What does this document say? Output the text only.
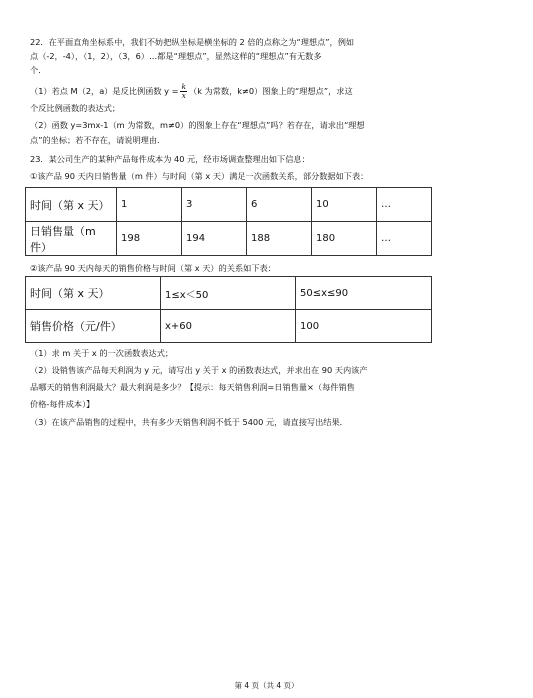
22．在平面直角坐标系中，我们不妨把纵坐标是横坐标的 2 倍的点称之为“理想点”，例如
点（-2，-4），（1，2），（3，6）…都是“理想点”，显然这样的“理想点”有无数多
个．
（1）若点 M（2，a）是反比例函数 $y = \frac{k}{x} (k$ 为常数，k≠0）图象上的“理想点”，求这
个反比例函数的表达式；
（2）函数 y=3mx-1（m 为常数，m≠0）的图象上存在“理想点”吗？若存在，请求出“理想
点”的坐标；若不存在，请说明理由．
23．某公司生产的某种产品每件成本为 40 元，经市场调查整理出如下信息：
①该产品 90 天内日销售量（m 件）与时间（第 x 天）满足一次函数关系，部分数据如下表：
时间（第 x 天）	1	3	6	10	…
日销售量（m件）	198	194	188	180	…
②该产品 90 天内每天的销售价格与时间（第 x 天）的关系如下表：
时间（第 x 天）	1≤x＜50	50≤x≤90
销售价格（元/件）	x+60	100
（1）求 m 关于 x 的一次函数表达式；
（2）设销售该产品每天利润为 y 元，请写出 y 关于 x 的函数表达式，并求出在 90 天内该产
品哪天的销售利润最大？最大利润是多少？【提示：每天销售利润=日销售量×（每件销售
价格-每件成本）】
（3）在该产品销售的过程中，共有多少天销售利润不低于 5400 元，请直接写出结果．
第 4 页（共 4 页）
